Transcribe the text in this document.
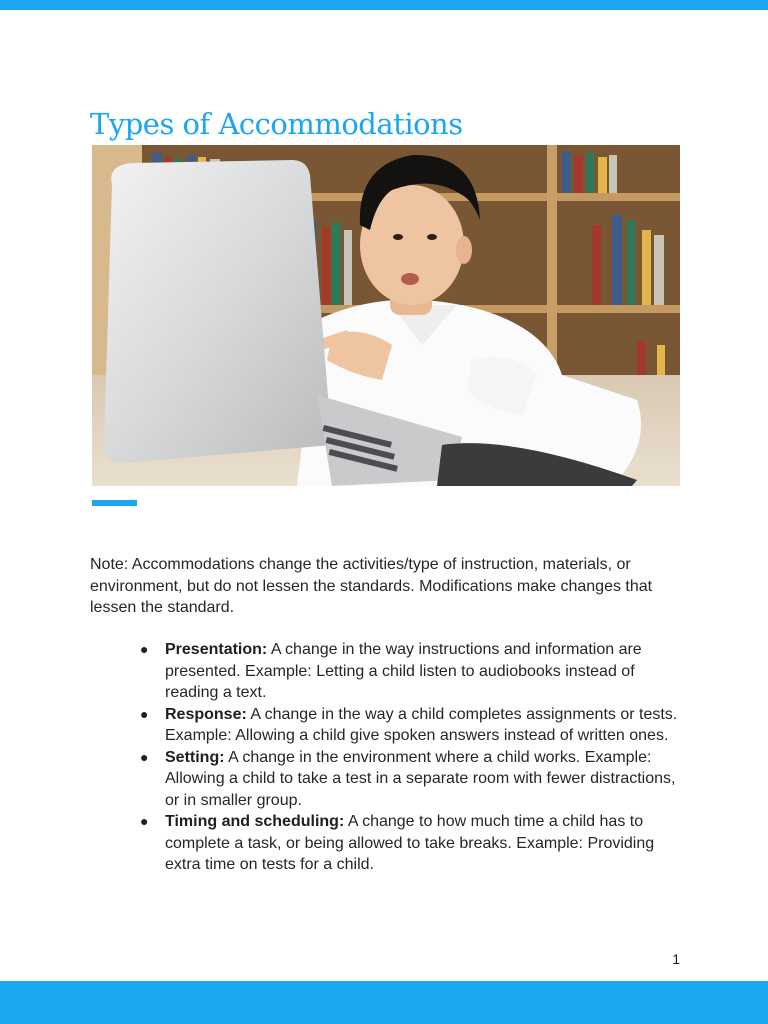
Types of Accommodations

Note: Accommodations change the activities/type of instruction, materials, or environment, but do not lessen the standards. Modifications make changes that lessen the standard.

● Presentation: A change in the way instructions and information are presented. Example: Letting a child listen to audiobooks instead of reading a text.
● Response: A change in the way a child completes assignments or tests. Example: Allowing a child give spoken answers instead of written ones.
● Setting: A change in the environment where a child works. Example: Allowing a child to take a test in a separate room with fewer distractions, or in smaller group.
● Timing and scheduling: A change to how much time a child has to complete a task, or being allowed to take breaks. Example: Providing extra time on tests for a child.
1
